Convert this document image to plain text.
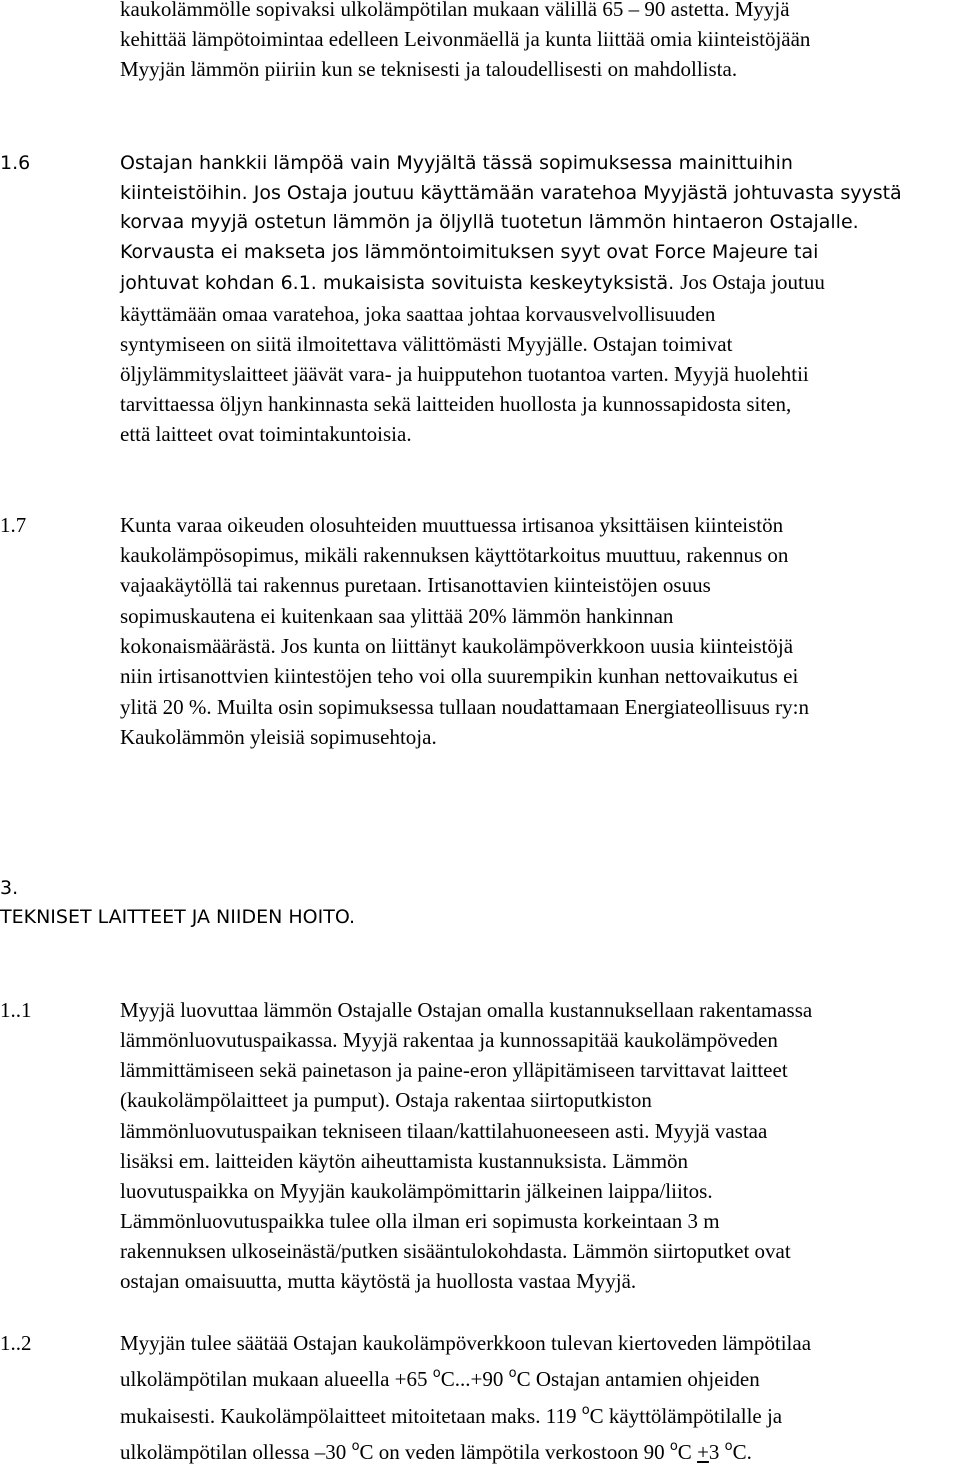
kaukolämmölle sopivaksi ulkolämpötilan mukaan välillä 65 – 90 astetta. Myyjä
kehittää lämpötoimintaa edelleen Leivonmäellä ja kunta liittää omia kiinteistöjään
Myyjän lämmön piiriin kun se teknisesti ja taloudellisesti on mahdollista.
1.6	Ostajan hankkii lämpöä vain Myyjältä tässä sopimuksessa mainittuihin
kiinteistöihin. Jos Ostaja joutuu käyttämään varatehoa Myyjästä johtuvasta syystä
korvaa myyjä ostetun lämmön ja öljyllä tuotetun lämmön hintaeron Ostajalle.
Korvausta ei makseta jos lämmöntoimituksen syyt ovat Force Majeure tai
johtuvat kohdan 6.1. mukaisista sovituista keskeytyksistä. Jos Ostaja joutuu
käyttämään omaa varatehoa, joka saattaa johtaa korvausvelvollisuuden
syntymiseen on siitä ilmoitettava välittömästi Myyjälle. Ostajan toimivat
öljylämmityslaitteet jäävät vara- ja huipputehon tuotantoa varten. Myyjä huolehtii
tarvittaessa öljyn hankinnasta sekä laitteiden huollosta ja kunnossapidosta siten,
että laitteet ovat toimintakuntoisia.
1.7	Kunta varaa oikeuden olosuhteiden muuttuessa irtisanoa yksittäisen kiinteistön
kaukolämpösopimus, mikäli rakennuksen käyttötarkoitus muuttuu, rakennus on
vajaakäytöllä tai rakennus puretaan. Irtisanottavien kiinteistöjen osuus
sopimuskautena ei kuitenkaan saa ylittää 20% lämmön hankinnan
kokonaismäärästä. Jos kunta on liittänyt kaukolämpöverkkoon uusia kiinteistöjä
niin irtisanottvien kiintestöjen teho voi olla suurempikin kunhan nettovaikutus ei
ylitä 20 %. Muilta osin sopimuksessa tullaan noudattamaan Energiateollisuus ry:n
Kaukolämmön yleisiä sopimusehtoja.
3.
TEKNISET LAITTEET JA NIIDEN HOITO.
1..1	Myyjä luovuttaa lämmön Ostajalle Ostajan omalla kustannuksellaan rakentamassa
lämmönluovutuspaikassa. Myyjä rakentaa ja kunnossapitää kaukolämpöveden
lämmittämiseen sekä painetason ja paine-eron ylläpitämiseen tarvittavat laitteet
(kaukolämpölaitteet ja pumput). Ostaja rakentaa siirtoputkiston
lämmönluovutuspaikan tekniseen tilaan/kattilahuoneeseen asti. Myyjä vastaa
lisäksi em. laitteiden käytön aiheuttamista kustannuksista. Lämmön
luovutuspaikka on Myyjän kaukolämpömittarin jälkeinen laippa/liitos.
Lämmönluovutuspaikka tulee olla ilman eri sopimusta korkeintaan 3 m
rakennuksen ulkoseinästä/putken sisääntulokohdasta. Lämmön siirtoputket ovat
ostajan omaisuutta, mutta käytöstä ja huollosta vastaa Myyjä.
1..2	Myyjän tulee säätää Ostajan kaukolämpöverkkoon tulevan kiertoveden lämpötilaa
ulkolämpötilan mukaan alueella +65 $^o$C...+90 $^o$C Ostajan antamien ohjeiden
mukaisesti. Kaukolämpölaitteet mitoitetaan maks. 119 $^o$C käyttölämpötilalle ja
ulkolämpötilan ollessa –30 $^o$C on veden lämpötila verkostoon 90 $^o$C +3 $^o$C.
